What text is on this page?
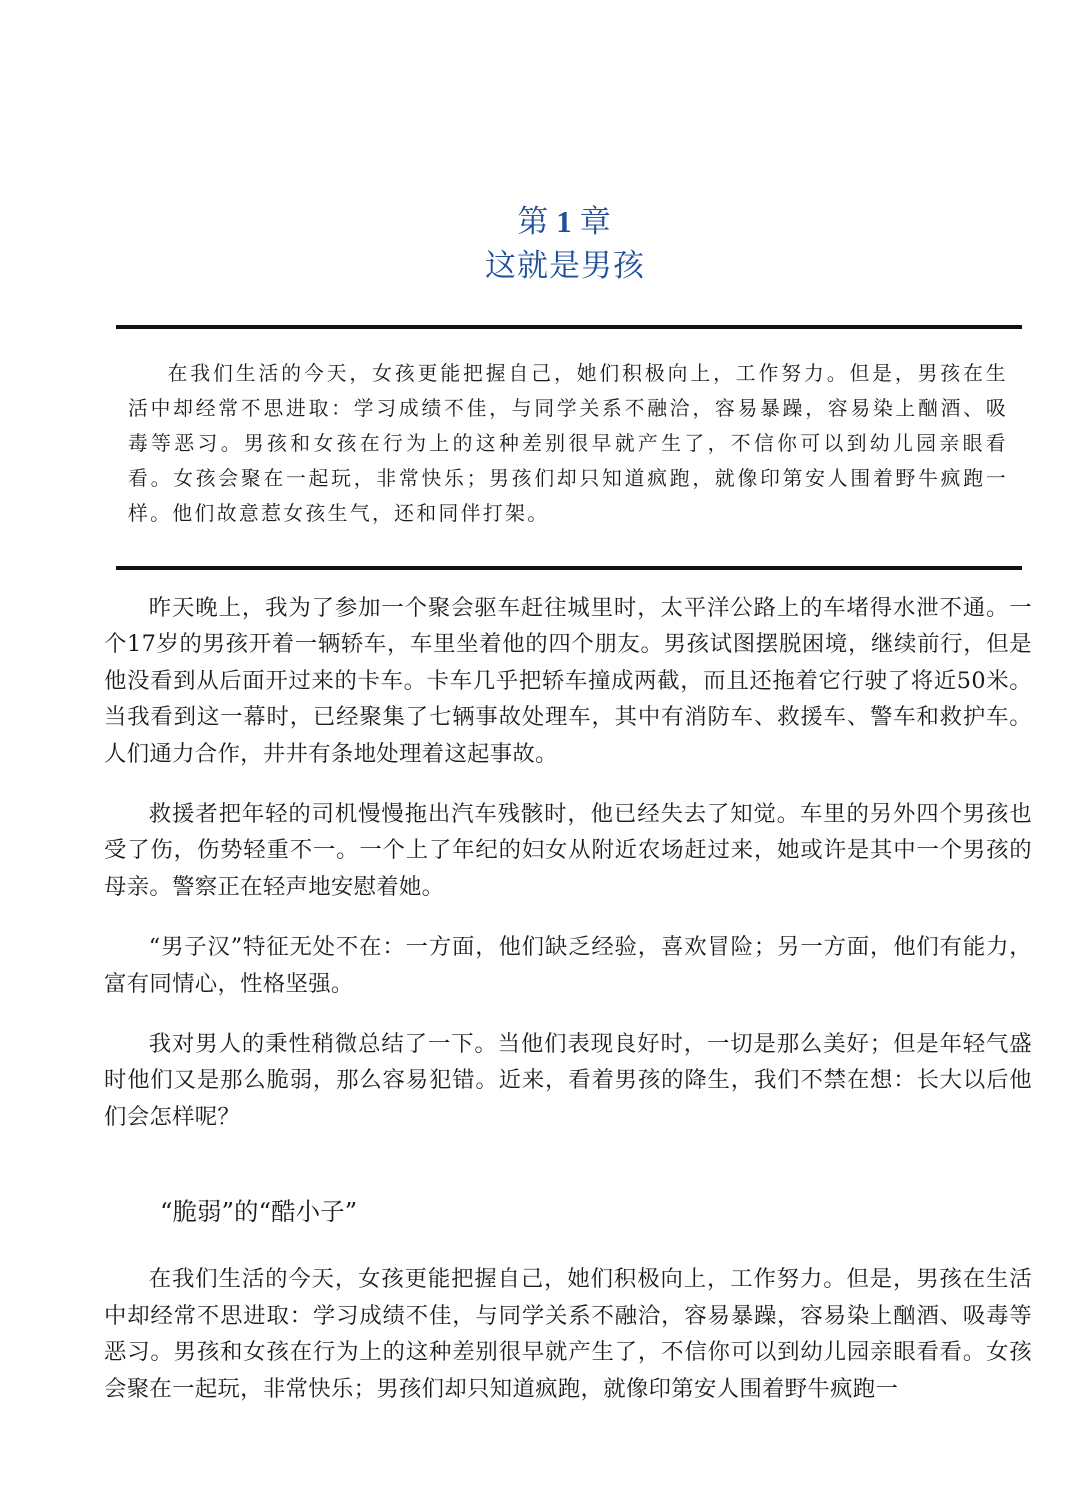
第 1 章
这就是男孩

在我们生活的今天，女孩更能把握自己，她们积极向上，工作努力。但是，男孩在生活中却经常不思进取：学习成绩不佳，与同学关系不融洽，容易暴躁，容易染上酗酒、吸毒等恶习。男孩和女孩在行为上的这种差别很早就产生了，不信你可以到幼儿园亲眼看看。女孩会聚在一起玩，非常快乐；男孩们却只知道疯跑，就像印第安人围着野牛疯跑一样。他们故意惹女孩生气，还和同伴打架。

昨天晚上，我为了参加一个聚会驱车赶往城里时，太平洋公路上的车堵得水泄不通。一个17岁的男孩开着一辆轿车，车里坐着他的四个朋友。男孩试图摆脱困境，继续前行，但是他没看到从后面开过来的卡车。卡车几乎把轿车撞成两截，而且还拖着它行驶了将近50米。当我看到这一幕时，已经聚集了七辆事故处理车，其中有消防车、救援车、警车和救护车。人们通力合作，井井有条地处理着这起事故。

救援者把年轻的司机慢慢拖出汽车残骸时，他已经失去了知觉。车里的另外四个男孩也受了伤，伤势轻重不一。一个上了年纪的妇女从附近农场赶过来，她或许是其中一个男孩的母亲。警察正在轻声地安慰着她。

“男子汉”特征无处不在：一方面，他们缺乏经验，喜欢冒险；另一方面，他们有能力，富有同情心，性格坚强。

我对男人的秉性稍微总结了一下。当他们表现良好时，一切是那么美好；但是年轻气盛时他们又是那么脆弱，那么容易犯错。近来，看着男孩的降生，我们不禁在想：长大以后他们会怎样呢？

“脆弱”的“酷小子”

在我们生活的今天，女孩更能把握自己，她们积极向上，工作努力。但是，男孩在生活中却经常不思进取：学习成绩不佳，与同学关系不融洽，容易暴躁，容易染上酗酒、吸毒等恶习。男孩和女孩在行为上的这种差别很早就产生了，不信你可以到幼儿园亲眼看看。女孩会聚在一起玩，非常快乐；男孩们却只知道疯跑，就像印第安人围着野牛疯跑一
